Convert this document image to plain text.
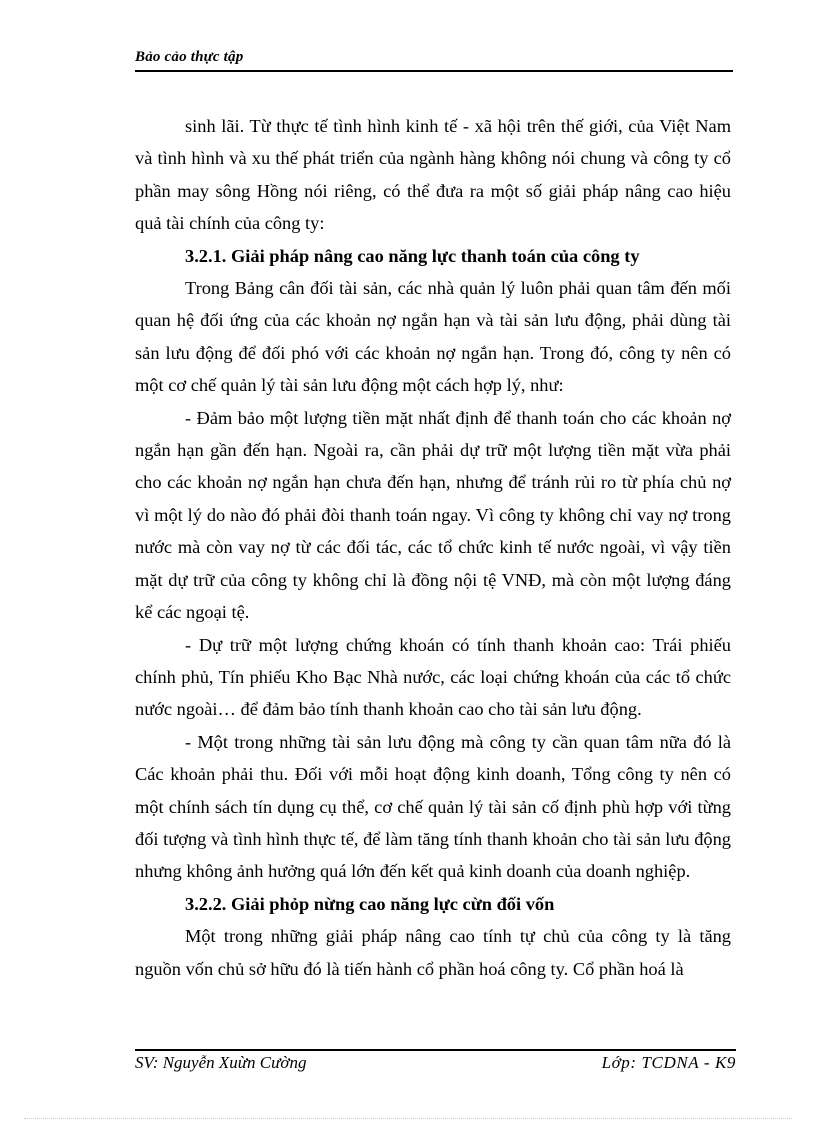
Bảo cảo thực tập

sinh lãi. Từ thực tế tình hình kinh tế - xã hội trên thế giới, của Việt Nam và tình hình và xu thế phát triển của ngành hàng không nói chung và công ty cổ phần may sông Hồng nói riêng, có thể đưa ra một số giải pháp nâng cao hiệu quả tài chính của công ty:

3.2.1. Giải pháp nâng cao năng lực thanh toán của công ty

Trong Bảng cân đối tài sản, các nhà quản lý luôn phải quan tâm đến mối quan hệ đối ứng của các khoản nợ ngắn hạn và tài sản lưu động, phải dùng tài sản lưu động để đối phó với các khoản nợ ngắn hạn. Trong đó, công ty nên có một cơ chế quản lý tài sản lưu động một cách hợp lý, như:

- Đảm bảo một lượng tiền mặt nhất định để thanh toán cho các khoản nợ ngắn hạn gần đến hạn. Ngoài ra, cần phải dự trữ một lượng tiền mặt vừa phải cho các khoản nợ ngắn hạn chưa đến hạn, nhưng để tránh rủi ro từ phía chủ nợ vì một lý do nào đó phải đòi thanh toán ngay. Vì công ty không chỉ vay nợ trong nước mà còn vay nợ từ các đối tác, các tổ chức kinh tế nước ngoài, vì vậy tiền mặt dự trữ của công ty không chỉ là đồng nội tệ VNĐ, mà còn một lượng đáng kể các ngoại tệ.

- Dự trữ một lượng chứng khoán có tính thanh khoản cao: Trái phiếu chính phủ, Tín phiếu Kho Bạc Nhà nước, các loại chứng khoán của các tổ chức nước ngoài… để đảm bảo tính thanh khoản cao cho tài sản lưu động.

- Một trong những tài sản lưu động mà công ty cần quan tâm nữa đó là Các khoản phải thu. Đối với mỗi hoạt động kinh doanh, Tổng công ty nên có một chính sách tín dụng cụ thể, cơ chế quản lý tài sản cố định phù hợp với từng đối tượng và tình hình thực tế, để làm tăng tính thanh khoản cho tài sản lưu động nhưng không ảnh hưởng quá lớn đến kết quả kinh doanh của doanh nghiệp.

3.2.2. Giải phỏp nừng cao năng lực cừn đối vốn

Một trong những giải pháp nâng cao tính tự chủ của công ty là tăng nguồn vốn chủ sở hữu đó là tiến hành cổ phần hoá công ty. Cổ phần hoá là

SV: Nguyễn Xuừn Cường	Lớp: TCDNA - K9
